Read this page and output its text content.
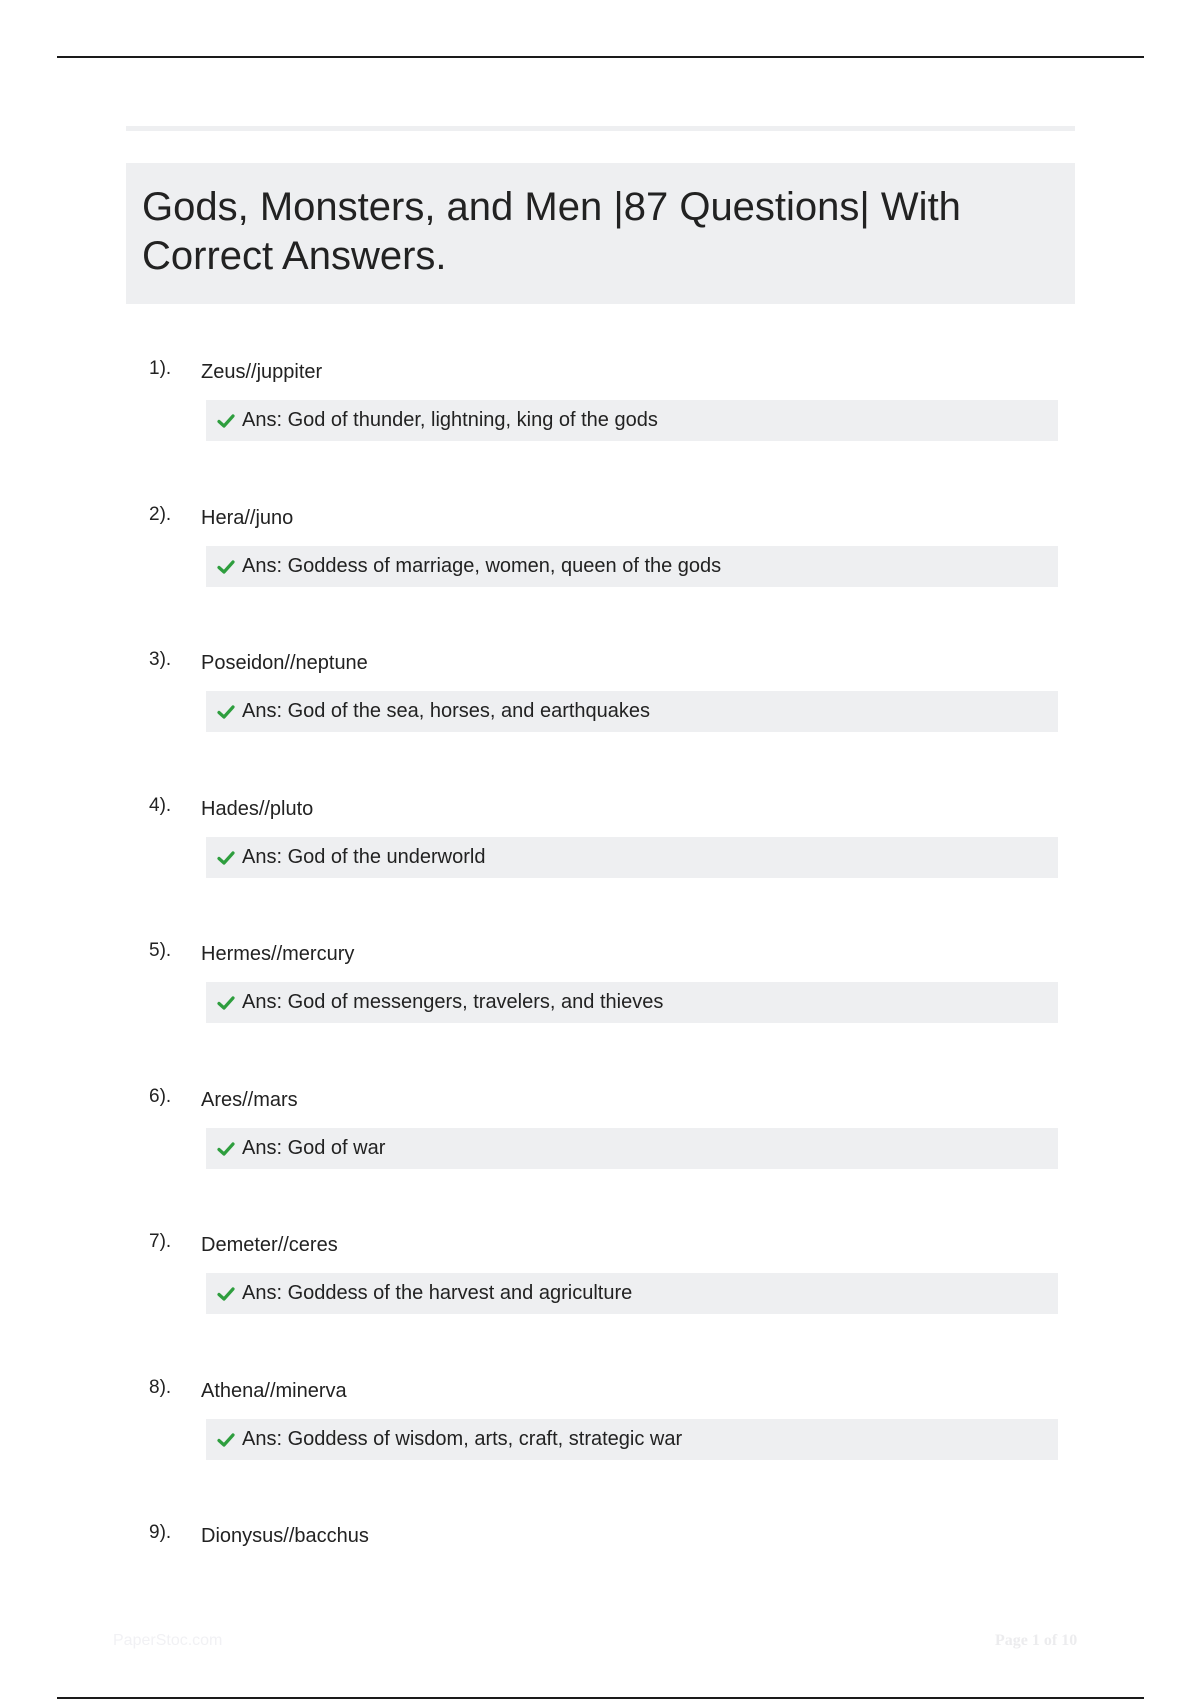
Gods, Monsters, and Men |87 Questions| With Correct Answers.
1). Zeus//juppiter
Ans: God of thunder, lightning, king of the gods
2). Hera//juno
Ans: Goddess of marriage, women, queen of the gods
3). Poseidon//neptune
Ans: God of the sea, horses, and earthquakes
4). Hades//pluto
Ans: God of the underworld
5). Hermes//mercury
Ans: God of messengers, travelers, and thieves
6). Ares//mars
Ans: God of war
7). Demeter//ceres
Ans: Goddess of the harvest and agriculture
8). Athena//minerva
Ans: Goddess of wisdom, arts, craft, strategic war
9). Dionysus//bacchus
PaperStoc.com	Page 1 of 10
